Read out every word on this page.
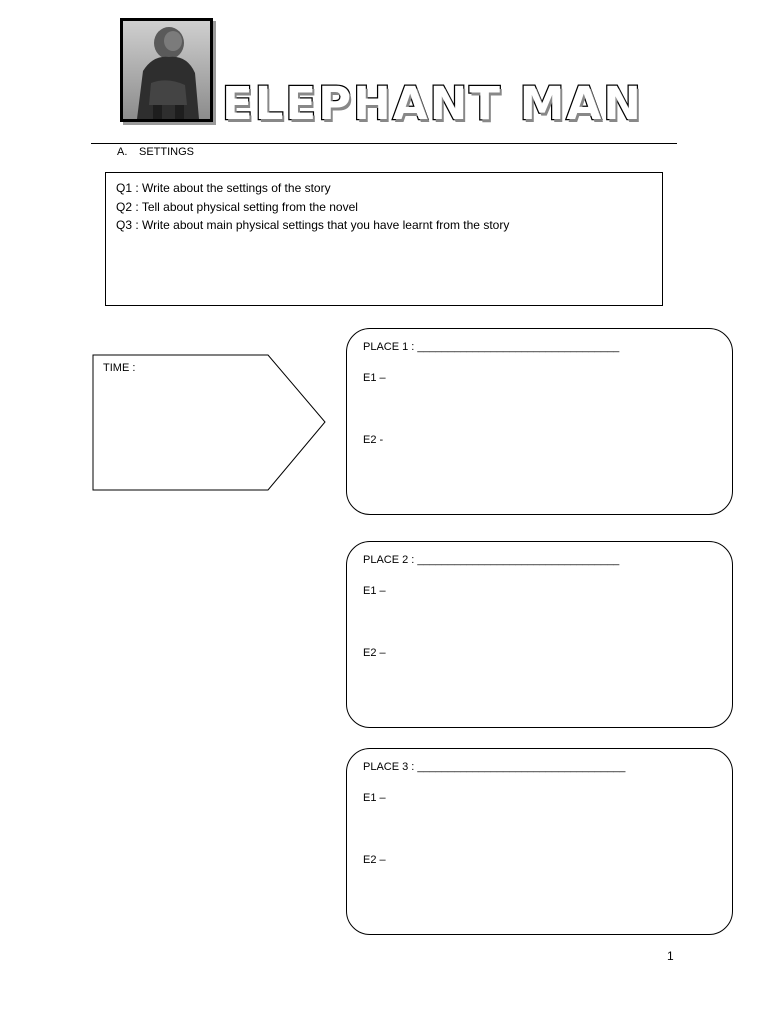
ELEPHANT MAN
A. SETTINGS
Q1 : Write about the settings of the story
Q2 : Tell about physical setting from the novel
Q3 : Write about main physical settings that you have learnt from the story
TIME :
PLACE 1 : _________________________________
E1 –
E2 -
PLACE 2 : _________________________________
E1 –
E2 –
PLACE 3 : __________________________________
E1 –
E2 –
1
